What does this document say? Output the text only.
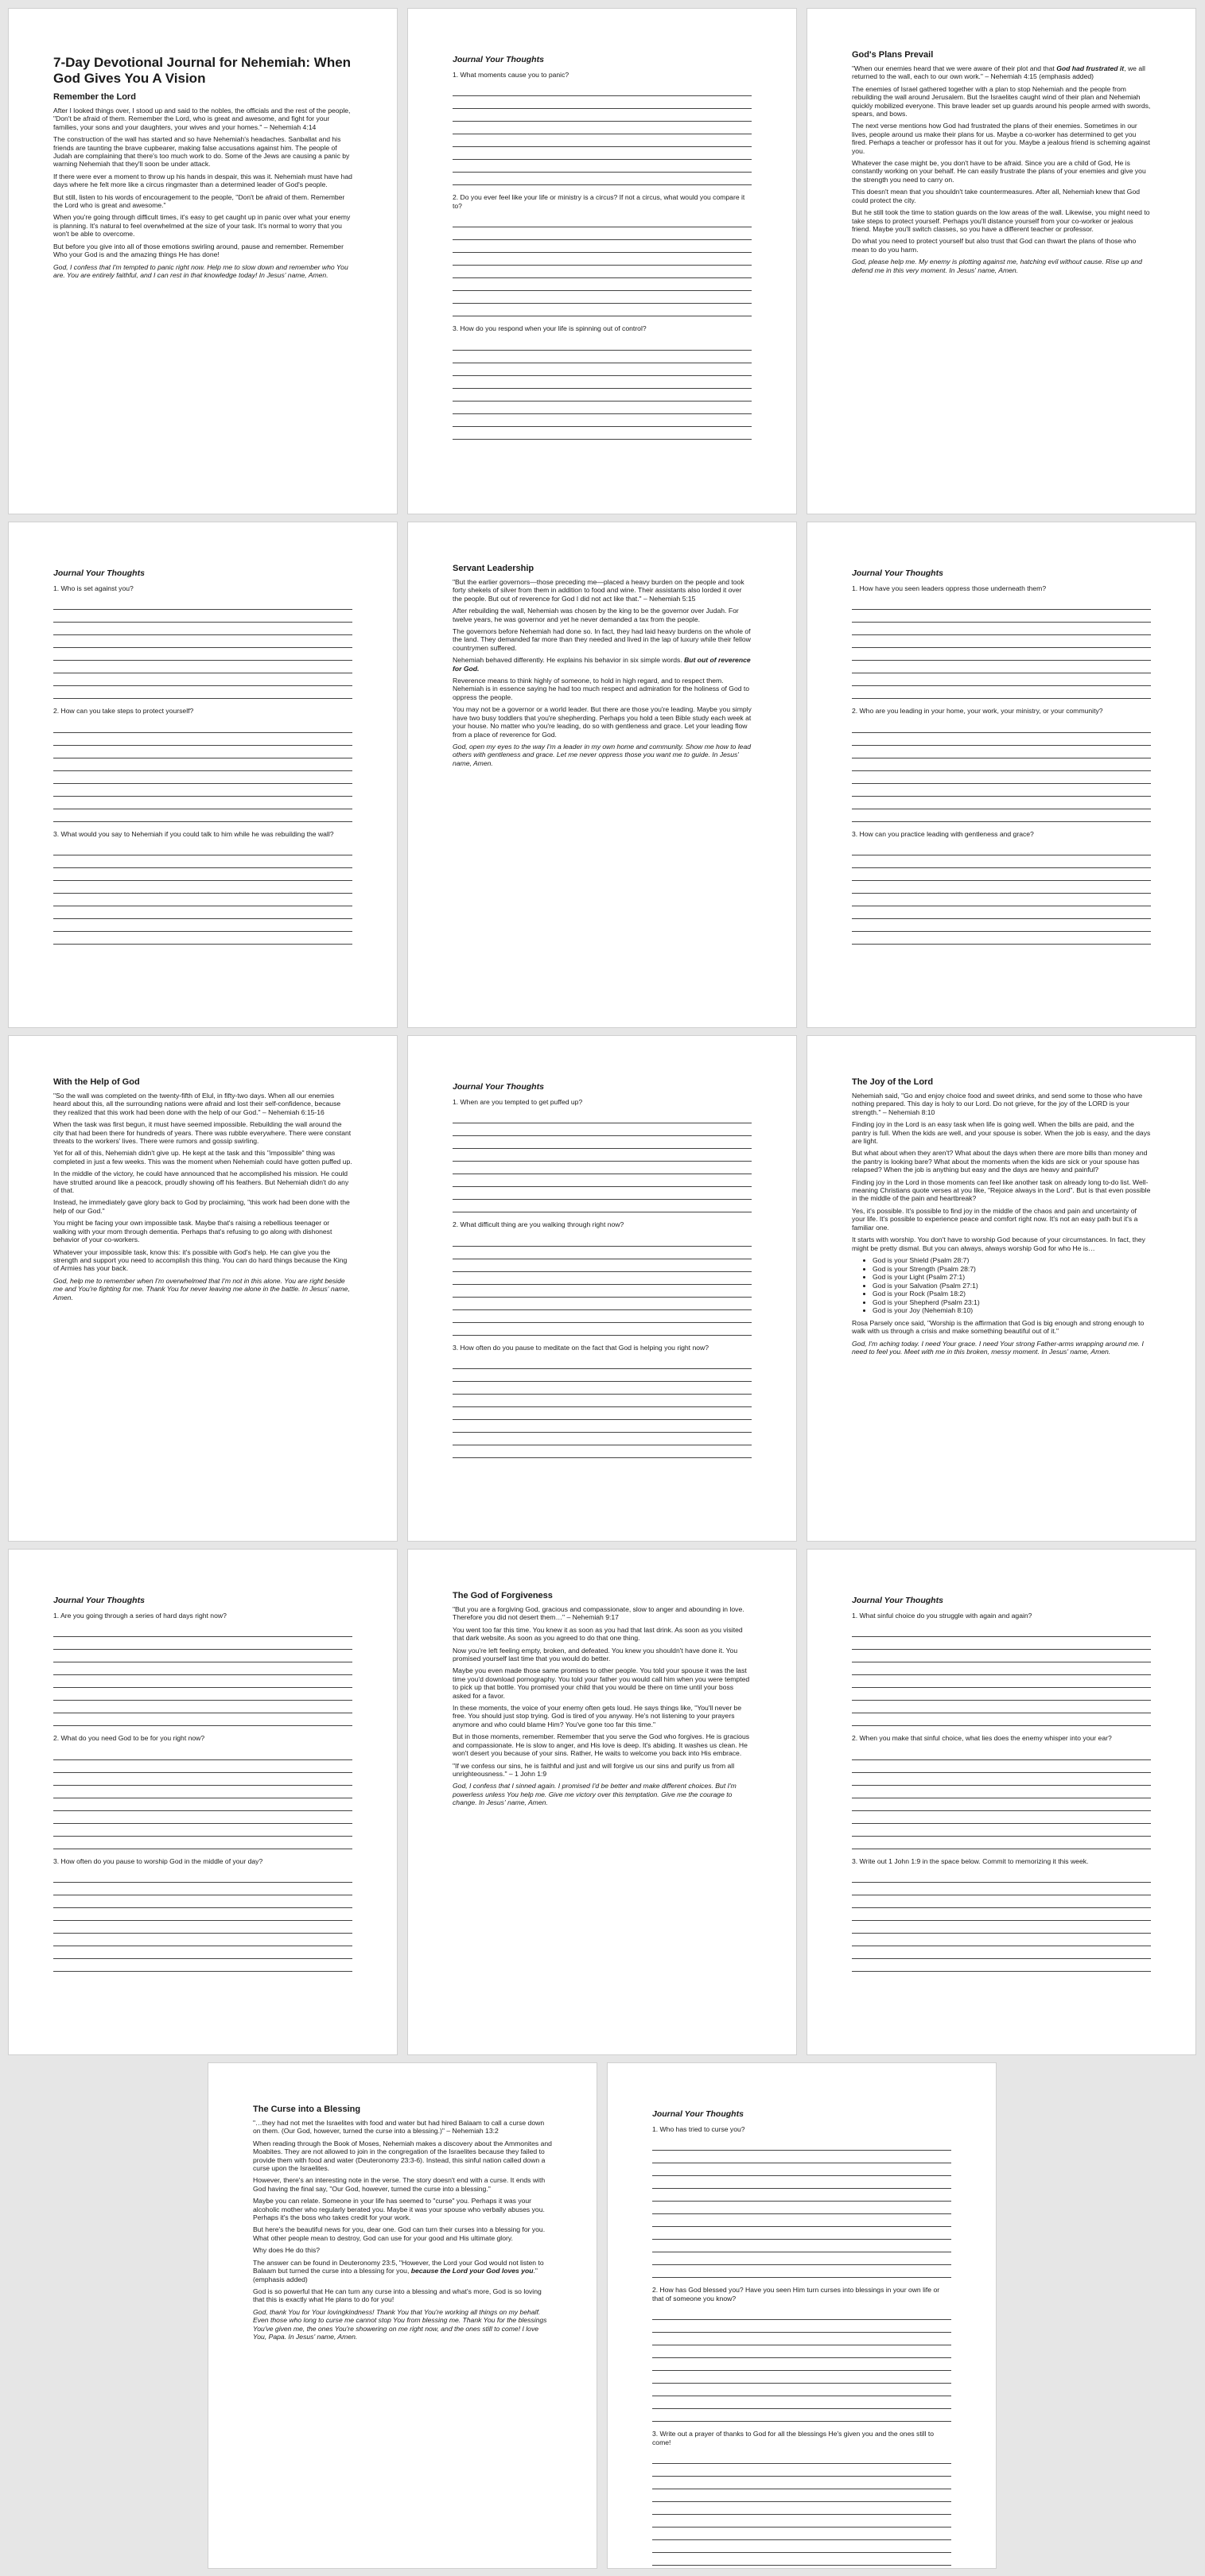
7-Day Devotional Journal for Nehemiah: When God Gives You A Vision
Remember the Lord

After I looked things over, I stood up and said to the nobles, the officials and the rest of the people, "Don't be afraid of them. Remember the Lord, who is great and awesome, and fight for your families, your sons and your daughters, your wives and your homes." – Nehemiah 4:14

The construction of the wall has started and so have Nehemiah's headaches. Sanballat and his friends are taunting the brave cupbearer, making false accusations against him. The people of Judah are complaining that there's too much work to do. Some of the Jews are causing a panic by warning Nehemiah that they'll soon be under attack.

If there were ever a moment to throw up his hands in despair, this was it. Nehemiah must have had days where he felt more like a circus ringmaster than a determined leader of God's people.

But still, listen to his words of encouragement to the people, "Don't be afraid of them. Remember the Lord who is great and awesome."

When you're going through difficult times, it's easy to get caught up in panic over what your enemy is planning. It's natural to feel overwhelmed at the size of your task. It's normal to worry that you won't be able to overcome.

But before you give into all of those emotions swirling around, pause and remember. Remember Who your God is and the amazing things He has done!

God, I confess that I'm tempted to panic right now. Help me to slow down and remember who You are. You are entirely faithful, and I can rest in that knowledge today! In Jesus' name, Amen.

Journal Your Thoughts
1. What moments cause you to panic?
2. Do you ever feel like your life or ministry is a circus? If not a circus, what would you compare it to?
3. How do you respond when your life is spinning out of control?
God's Plans Prevail

"When our enemies heard that we were aware of their plot and that God had frustrated it, we all returned to the wall, each to our own work." – Nehemiah 4:15 (emphasis added)

The enemies of Israel gathered together with a plan to stop Nehemiah and the people from rebuilding the wall around Jerusalem. But the Israelites caught wind of their plan and Nehemiah quickly mobilized everyone. This brave leader set up guards around his people armed with swords, spears, and bows.

The next verse mentions how God had frustrated the plans of their enemies. Sometimes in our lives, people around us make their plans for us. Maybe a co-worker has determined to get you fired. Perhaps a teacher or professor has it out for you. Maybe a jealous friend is scheming against you.

Whatever the case might be, you don't have to be afraid. Since you are a child of God, He is constantly working on your behalf. He can easily frustrate the plans of your enemies and give you the strength you need to carry on.

This doesn't mean that you shouldn't take countermeasures. After all, Nehemiah knew that God could protect the city.

But he still took the time to station guards on the low areas of the wall. Likewise, you might need to take steps to protect yourself. Perhaps you'll distance yourself from your co-worker or jealous friend. Maybe you'll switch classes, so you have a different teacher or professor.

Do what you need to protect yourself but also trust that God can thwart the plans of those who mean to do you harm.

God, please help me. My enemy is plotting against me, hatching evil without cause. Rise up and defend me in this very moment. In Jesus' name, Amen.

Journal Your Thoughts
1. Who is set against you?
2. How can you take steps to protect yourself?
3. What would you say to Nehemiah if you could talk to him while he was rebuilding the wall?
Servant Leadership

"But the earlier governors—those preceding me—placed a heavy burden on the people and took forty shekels of silver from them in addition to food and wine. Their assistants also lorded it over the people. But out of reverence for God I did not act like that." – Nehemiah 5:15

After rebuilding the wall, Nehemiah was chosen by the king to be the governor over Judah. For twelve years, he was governor and yet he never demanded a tax from the people.

The governors before Nehemiah had done so. In fact, they had laid heavy burdens on the whole of the land. They demanded far more than they needed and lived in the lap of luxury while their fellow countrymen suffered.

Nehemiah behaved differently. He explains his behavior in six simple words. But out of reverence for God.

Reverence means to think highly of someone, to hold in high regard, and to respect them. Nehemiah is in essence saying he had too much respect and admiration for the holiness of God to oppress the people.

You may not be a governor or a world leader. But there are those you're leading. Maybe you simply have two busy toddlers that you're shepherding. Perhaps you hold a teen Bible study each week at your house. No matter who you're leading, do so with gentleness and grace. Let your leading flow from a place of reverence for God.

God, open my eyes to the way I'm a leader in my own home and community. Show me how to lead others with gentleness and grace. Let me never oppress those you want me to guide. In Jesus' name, Amen.

Journal Your Thoughts
1. How have you seen leaders oppress those underneath them?
2. Who are you leading in your home, your work, your ministry, or your community?
3. How can you practice leading with gentleness and grace?
With the Help of God

"So the wall was completed on the twenty-fifth of Elul, in fifty-two days. When all our enemies heard about this, all the surrounding nations were afraid and lost their self-confidence, because they realized that this work had been done with the help of our God." – Nehemiah 6:15-16

When the task was first begun, it must have seemed impossible. Rebuilding the wall around the city that had been there for hundreds of years. There was rubble everywhere. There were constant threats to the workers' lives. There were rumors and gossip swirling.

Yet for all of this, Nehemiah didn't give up. He kept at the task and this "impossible" thing was completed in just a few weeks. This was the moment when Nehemiah could have gotten puffed up.

In the middle of the victory, he could have announced that he accomplished his mission. He could have strutted around like a peacock, proudly showing off his feathers. But Nehemiah didn't do any of that.

Instead, he immediately gave glory back to God by proclaiming, "this work had been done with the help of our God."

You might be facing your own impossible task. Maybe that's raising a rebellious teenager or walking with your mom through dementia. Perhaps that's refusing to go along with dishonest behavior of your co-workers.

Whatever your impossible task, know this: it's possible with God's help. He can give you the strength and support you need to accomplish this thing. You can do hard things because the King of Armies has your back.

God, help me to remember when I'm overwhelmed that I'm not in this alone. You are right beside me and You're fighting for me. Thank You for never leaving me alone in the battle. In Jesus' name, Amen.

Journal Your Thoughts
1. When are you tempted to get puffed up?
2. What difficult thing are you walking through right now?
3. How often do you pause to meditate on the fact that God is helping you right now?
The Joy of the Lord

Nehemiah said, "Go and enjoy choice food and sweet drinks, and send some to those who have nothing prepared. This day is holy to our Lord. Do not grieve, for the joy of the LORD is your strength." – Nehemiah 8:10

Finding joy in the Lord is an easy task when life is going well. When the bills are paid, and the pantry is full. When the kids are well, and your spouse is sober. When the job is easy, and the days are light.

But what about when they aren't? What about the days when there are more bills than money and the pantry is looking bare? What about the moments when the kids are sick or your spouse has relapsed? When the job is anything but easy and the days are heavy and painful?

Finding joy in the Lord in those moments can feel like another task on already long to-do list. Well-meaning Christians quote verses at you like, "Rejoice always in the Lord". But is that even possible in the middle of the pain and heartbreak?

Yes, it's possible. It's possible to find joy in the middle of the chaos and pain and uncertainty of your life. It's possible to experience peace and comfort right now. It's not an easy path but it's a familiar one.

It starts with worship. You don't have to worship God because of your circumstances. In fact, they might be pretty dismal. But you can always, always worship God for who He is…

• God is your Shield (Psalm 28:7)
• God is your Strength (Psalm 28:7)
• God is your Light (Psalm 27:1)
• God is your Salvation (Psalm 27:1)
• God is your Rock (Psalm 18:2)
• God is your Shepherd (Psalm 23:1)
• God is your Joy (Nehemiah 8:10)

Rosa Parsely once said, "Worship is the affirmation that God is big enough and strong enough to walk with us through a crisis and make something beautiful out of it."

God, I'm aching today. I need Your grace. I need Your strong Father-arms wrapping around me. I need to feel you. Meet with me in this broken, messy moment. In Jesus' name, Amen.

Journal Your Thoughts
1. Are you going through a series of hard days right now?
2. What do you need God to be for you right now?
3. How often do you pause to worship God in the middle of your day?
The God of Forgiveness

"But you are a forgiving God, gracious and compassionate, slow to anger and abounding in love. Therefore you did not desert them…" – Nehemiah 9:17

You went too far this time. You knew it as soon as you had that last drink. As soon as you visited that dark website. As soon as you agreed to do that one thing.

Now you're left feeling empty, broken, and defeated. You knew you shouldn't have done it. You promised yourself last time that you would do better.

Maybe you even made those same promises to other people. You told your spouse it was the last time you'd download pornography. You told your father you would call him when you were tempted to pick up that bottle. You promised your child that you would be there on time until your boss asked for a favor.

In these moments, the voice of your enemy often gets loud. He says things like, "You'll never be free. You should just stop trying. God is tired of you anyway. He's not listening to your prayers anymore and who could blame Him? You've gone too far this time."

But in those moments, remember. Remember that you serve the God who forgives. He is gracious and compassionate. He is slow to anger, and His love is deep. It's abiding. It washes us clean. He won't desert you because of your sins. Rather, He waits to welcome you back into His embrace.

"If we confess our sins, he is faithful and just and will forgive us our sins and purify us from all unrighteousness." – 1 John 1:9

God, I confess that I sinned again. I promised I'd be better and make different choices. But I'm powerless unless You help me. Give me victory over this temptation. Give me the courage to change. In Jesus' name, Amen.

Journal Your Thoughts
1. What sinful choice do you struggle with again and again?
2. When you make that sinful choice, what lies does the enemy whisper into your ear?
3. Write out 1 John 1:9 in the space below. Commit to memorizing it this week.
The Curse into a Blessing

"…they had not met the Israelites with food and water but had hired Balaam to call a curse down on them. (Our God, however, turned the curse into a blessing.)" – Nehemiah 13:2

When reading through the Book of Moses, Nehemiah makes a discovery about the Ammonites and Moabites. They are not allowed to join in the congregation of the Israelites because they failed to provide them with food and water (Deuteronomy 23:3-6). Instead, this sinful nation called down a curse upon the Israelites.

However, there's an interesting note in the verse. The story doesn't end with a curse. It ends with God having the final say, "Our God, however, turned the curse into a blessing."

Maybe you can relate. Someone in your life has seemed to "curse" you. Perhaps it was your alcoholic mother who regularly berated you. Maybe it was your spouse who verbally abuses you. Perhaps it's the boss who takes credit for your work.

But here's the beautiful news for you, dear one. God can turn their curses into a blessing for you. What other people mean to destroy, God can use for your good and His ultimate glory.

Why does He do this?

The answer can be found in Deuteronomy 23:5, "However, the Lord your God would not listen to Balaam but turned the curse into a blessing for you, because the Lord your God loves you." (emphasis added)

God is so powerful that He can turn any curse into a blessing and what's more, God is so loving that this is exactly what He plans to do for you!

God, thank You for Your lovingkindness! Thank You that You're working all things on my behalf. Even those who long to curse me cannot stop You from blessing me. Thank You for the blessings You've given me, the ones You're showering on me right now, and the ones still to come! I love You, Papa. In Jesus' name, Amen.

Journal Your Thoughts
1. Who has tried to curse you?
2. How has God blessed you? Have you seen Him turn curses into blessings in your own life or that of someone you know?
3. Write out a prayer of thanks to God for all the blessings He's given you and the ones still to come!
